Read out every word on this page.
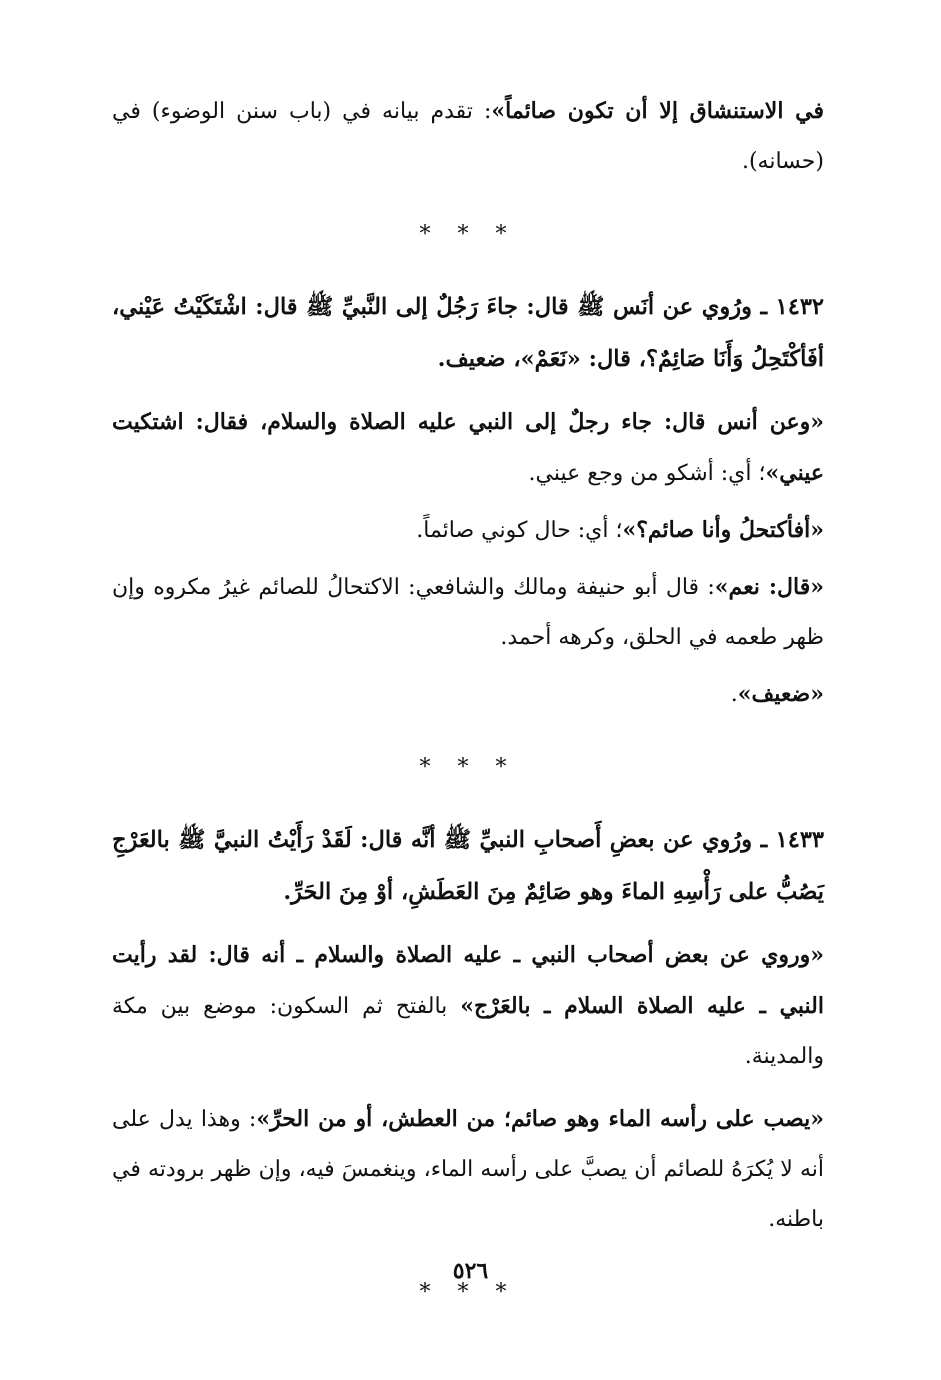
في الاستنشاق إلا أن تكون صائماً»: تقدم بيانه في (باب سنن الوضوء) في (حسانه).

* * *

١٤٣٢ ـ ورُوي عن أنَس ﷺ قال: جاءَ رَجُلٌ إلى النَّبيِّ ﷺ قال: اشْتَكَيْتُ عَيْني، أفَأكْتَحِلُ وَأَنَا صَائِمٌ؟، قال: «نَعَمْ»، ضعيف.

«وعن أنس قال: جاء رجلٌ إلى النبي عليه الصلاة والسلام، فقال: اشتكيت عيني»؛ أي: أشكو من وجع عيني.

«أفأكتحلُ وأنا صائم؟»؛ أي: حال كوني صائماً.

«قال: نعم»: قال أبو حنيفة ومالك والشافعي: الاكتحالُ للصائم غيرُ مكروه وإن ظهر طعمه في الحلق، وكرهه أحمد.

«ضعيف».

* * *

١٤٣٣ ـ ورُوي عن بعضِ أَصحابِ النبيِّ ﷺ أنَّه قال: لَقَدْ رَأَيْتُ النبيَّ ﷺ بالعَرْجِ يَصُبُّ على رَأْسِهِ الماءَ وهو صَائِمٌ مِنَ العَطَشِ، أوْ مِنَ الحَرِّ.

«وروي عن بعض أصحاب النبي ـ عليه الصلاة والسلام ـ أنه قال: لقد رأيت النبي ـ عليه الصلاة السلام ـ بالعَرْج» بالفتح ثم السكون: موضع بين مكة والمدينة.

«يصب على رأسه الماء وهو صائم؛ من العطش، أو من الحرِّ»: وهذا يدل على أنه لا يُكرَهُ للصائم أن يصبَّ على رأسه الماء، وينغمسَ فيه، وإن ظهر برودته في باطنه.

* * *
٥٢٦
